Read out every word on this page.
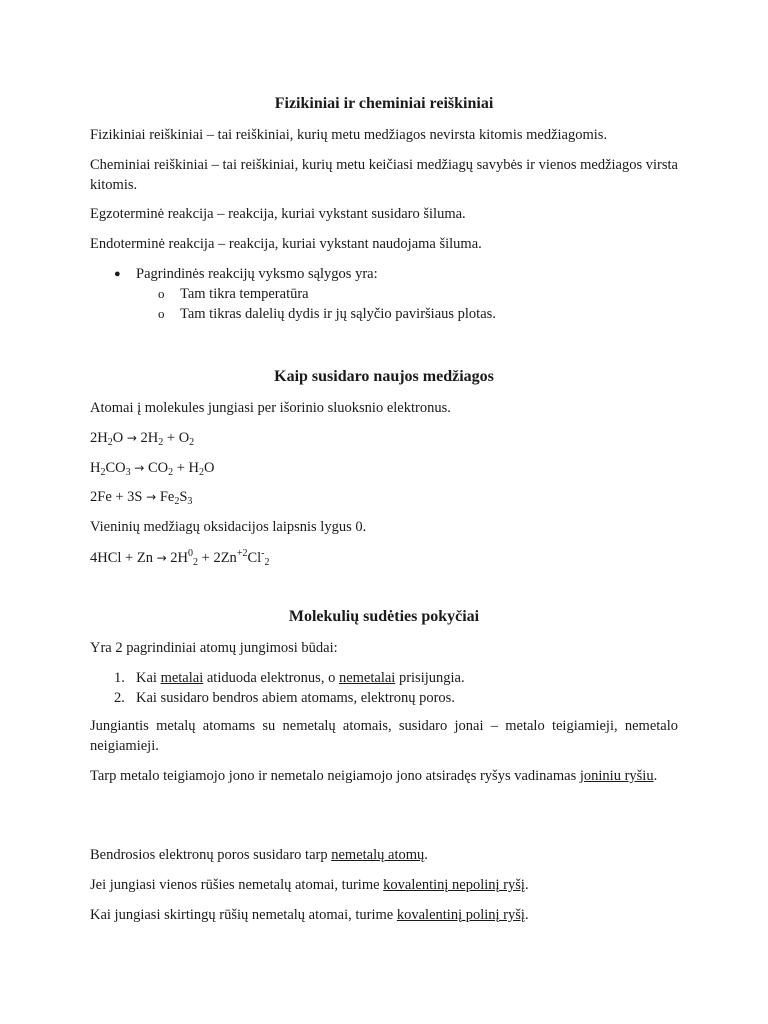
Fizikiniai ir cheminiai reiškiniai
Fizikiniai reiškiniai – tai reiškiniai, kurių metu medžiagos nevirsta kitomis medžiagomis.
Cheminiai reiškiniai – tai reiškiniai, kurių metu keičiasi medžiagų savybės ir vienos medžiagos virsta kitomis.
Egzoterminė reakcija – reakcija, kuriai vykstant susidaro šiluma.
Endoterminė reakcija – reakcija, kuriai vykstant naudojama šiluma.
● Pagrindinės reakcijų vyksmo sąlygos yra:
o Tam tikra temperatūra
o Tam tikras dalelių dydis ir jų sąlyčio paviršiaus plotas.
Kaip susidaro naujos medžiagos
Atomai į molekules jungiasi per išorinio sluoksnio elektronus.
$2H_2O \to 2H_2 + O_2$
$H_2CO_3 \to CO_2 + H_2O$
$2Fe + 3S \to Fe_2S_3$
Vieninių medžiagų oksidacijos laipsnis lygus 0.
$4HCl + Zn \to 2H^0_2 + 2Zn^{+2}Cl^-_2$
Molekulių sudėties pokyčiai
Yra 2 pagrindiniai atomų jungimosi būdai:
1. Kai metalai atiduoda elektronus, o nemetalai prisijungia.
2. Kai susidaro bendros abiem atomams, elektronų poros.
Jungiantis metalų atomams su nemetalų atomais, susidaro jonai – metalo teigiamieji, nemetalo neigiamieji.
Tarp metalo teigiamojo jono ir nemetalo neigiamojo jono atsiradęs ryšys vadinamas joniniu ryšiu.
Bendrosios elektronų poros susidaro tarp nemetalų atomų.
Jei jungiasi vienos rūšies nemetalų atomai, turime kovalentinį nepolinį ryšį.
Kai jungiasi skirtingų rūšių nemetalų atomai, turime kovalentinį polinį ryšį.
